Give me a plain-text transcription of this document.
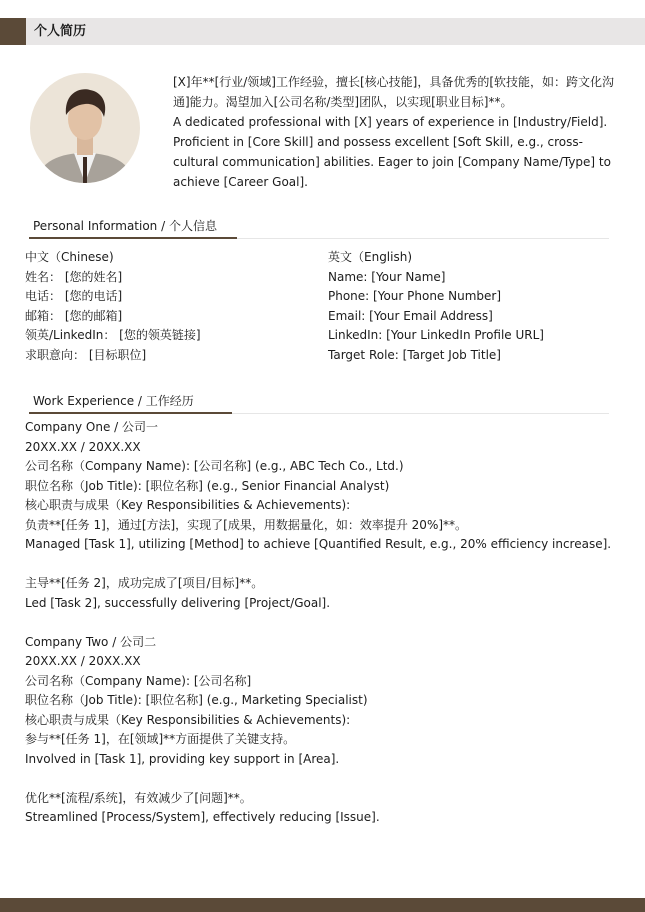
个人简历

[X]年**[行业/领域]工作经验，擅长[核心技能]，具备优秀的[软技能，如：跨文化沟通]能力。渴望加入[公司名称/类型]团队，以实现[职业目标]**。

A dedicated professional with [X] years of experience in [Industry/Field]. Proficient in [Core Skill] and possess excellent [Soft Skill, e.g., cross-cultural communication] abilities. Eager to join [Company Name/Type] to achieve [Career Goal].

Personal Information / 个人信息
中文（Chinese)
姓名： [您的姓名]
电话： [您的电话]
邮箱： [您的邮箱]
领英/LinkedIn： [您的领英链接]
求职意向： [目标职位]
英文（English)
Name: [Your Name]
Phone: [Your Phone Number]
Email: [Your Email Address]
LinkedIn: [Your LinkedIn Profile URL]
Target Role: [Target Job Title]
Work Experience / 工作经历
Company One / 公司一
20XX.XX / 20XX.XX
公司名称（Company Name): [公司名称] (e.g., ABC Tech Co., Ltd.)
职位名称（Job Title): [职位名称] (e.g., Senior Financial Analyst)
核心职责与成果（Key Responsibilities & Achievements):
负责**[任务 1]，通过[方法]，实现了[成果，用数据量化，如：效率提升 20%]**。
Managed [Task 1], utilizing [Method] to achieve [Quantified Result, e.g., 20% efficiency increase].
主导**[任务 2]，成功完成了[项目/目标]**。
Led [Task 2], successfully delivering [Project/Goal].
Company Two / 公司二
20XX.XX / 20XX.XX
公司名称（Company Name): [公司名称]
职位名称（Job Title): [职位名称] (e.g., Marketing Specialist)
核心职责与成果（Key Responsibilities & Achievements):
参与**[任务 1]，在[领域]**方面提供了关键支持。
Involved in [Task 1], providing key support in [Area].
优化**[流程/系统]，有效减少了[问题]**。
Streamlined [Process/System], effectively reducing [Issue].
